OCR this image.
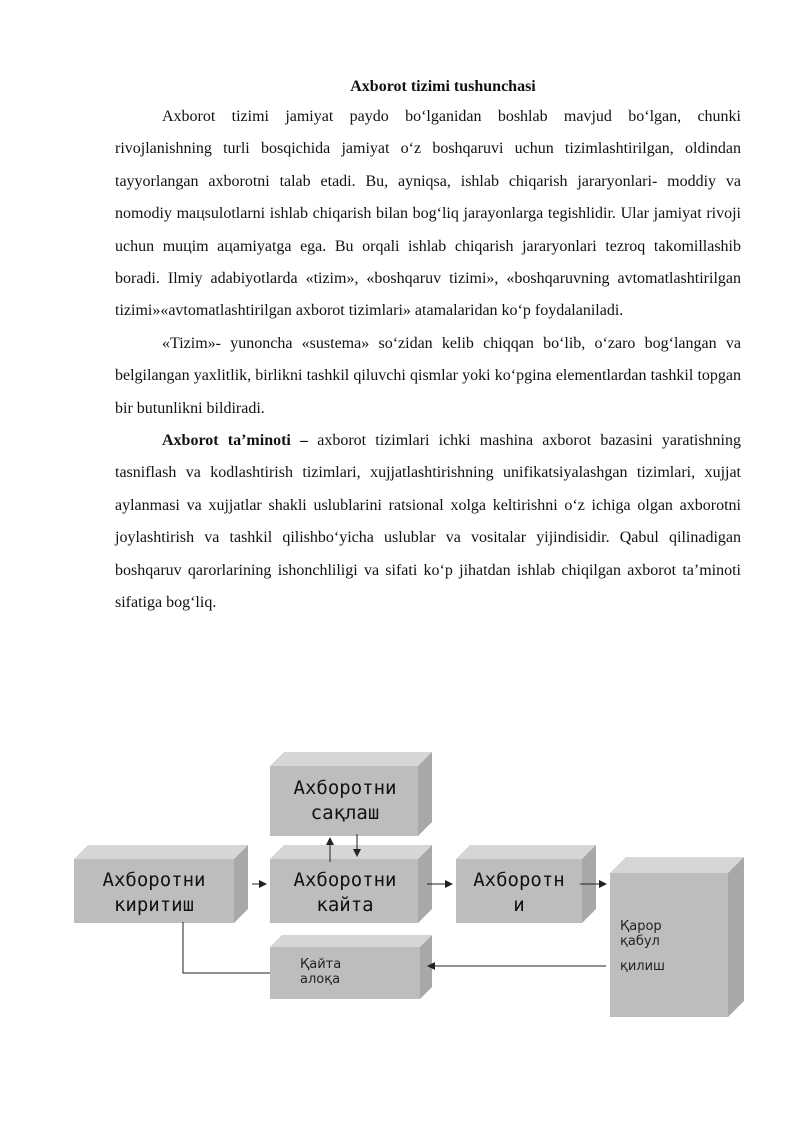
Axborot tizimi tushunchasi

Axborot tizimi jamiyat paydo boʻlganidan boshlab mavjud boʻlgan, chunki rivojlanishning turli bosqichida jamiyat oʻz boshqaruvi uchun tizimlashtirilgan, oldindan tayyorlangan axborotni talab etadi. Bu, ayniqsa, ishlab chiqarish jararyonlari- moddiy va nomodiy maцsulotlarni ishlab chiqarish bilan bogʻliq jarayonlarga tegishlidir. Ular jamiyat rivoji uchun muцim aцamiyatga ega. Bu orqali ishlab chiqarish jararyonlari tezroq takomillashib boradi. Ilmiy adabiyotlarda «tizim», «boshqaruv tizimi», «boshqaruvning avtomatlashtirilgan tizimi»«avtomatlashtirilgan axborot tizimlari» atamalaridan koʻp foydalaniladi.

«Tizim»- yunoncha «sustema» soʻzidan kelib chiqqan boʻlib, oʻzaro bogʻlangan va belgilangan yaxlitlik, birlikni tashkil qiluvchi qismlar yoki koʻpgina elementlardan tashkil topgan bir butunlikni bildiradi.

Axborot ta’minoti – axborot tizimlari ichki mashina axborot bazasini yaratishning tasniflash va kodlashtirish tizimlari, xujjatlashtirishning unifikatsiyalashgan tizimlari, xujjat aylanmasi va xujjatlar shakli uslublarini ratsional xolga keltirishni oʻz ichiga olgan axborotni joylashtirish va tashkil qilishboʻyicha uslublar va vositalar yijindisidir. Qabul qilinadigan boshqaruv qarorlarining ishonchliligi va sifati koʻp jihatdan ishlab chiqilgan axborot ta’minoti sifatiga bogʻliq.

Ахборотни
сақлаш
Ахборотни
киритиш
Ахборотни
кайта
Ахборотн
и
Қайта алоқа
Қарор қабул
қилиш
